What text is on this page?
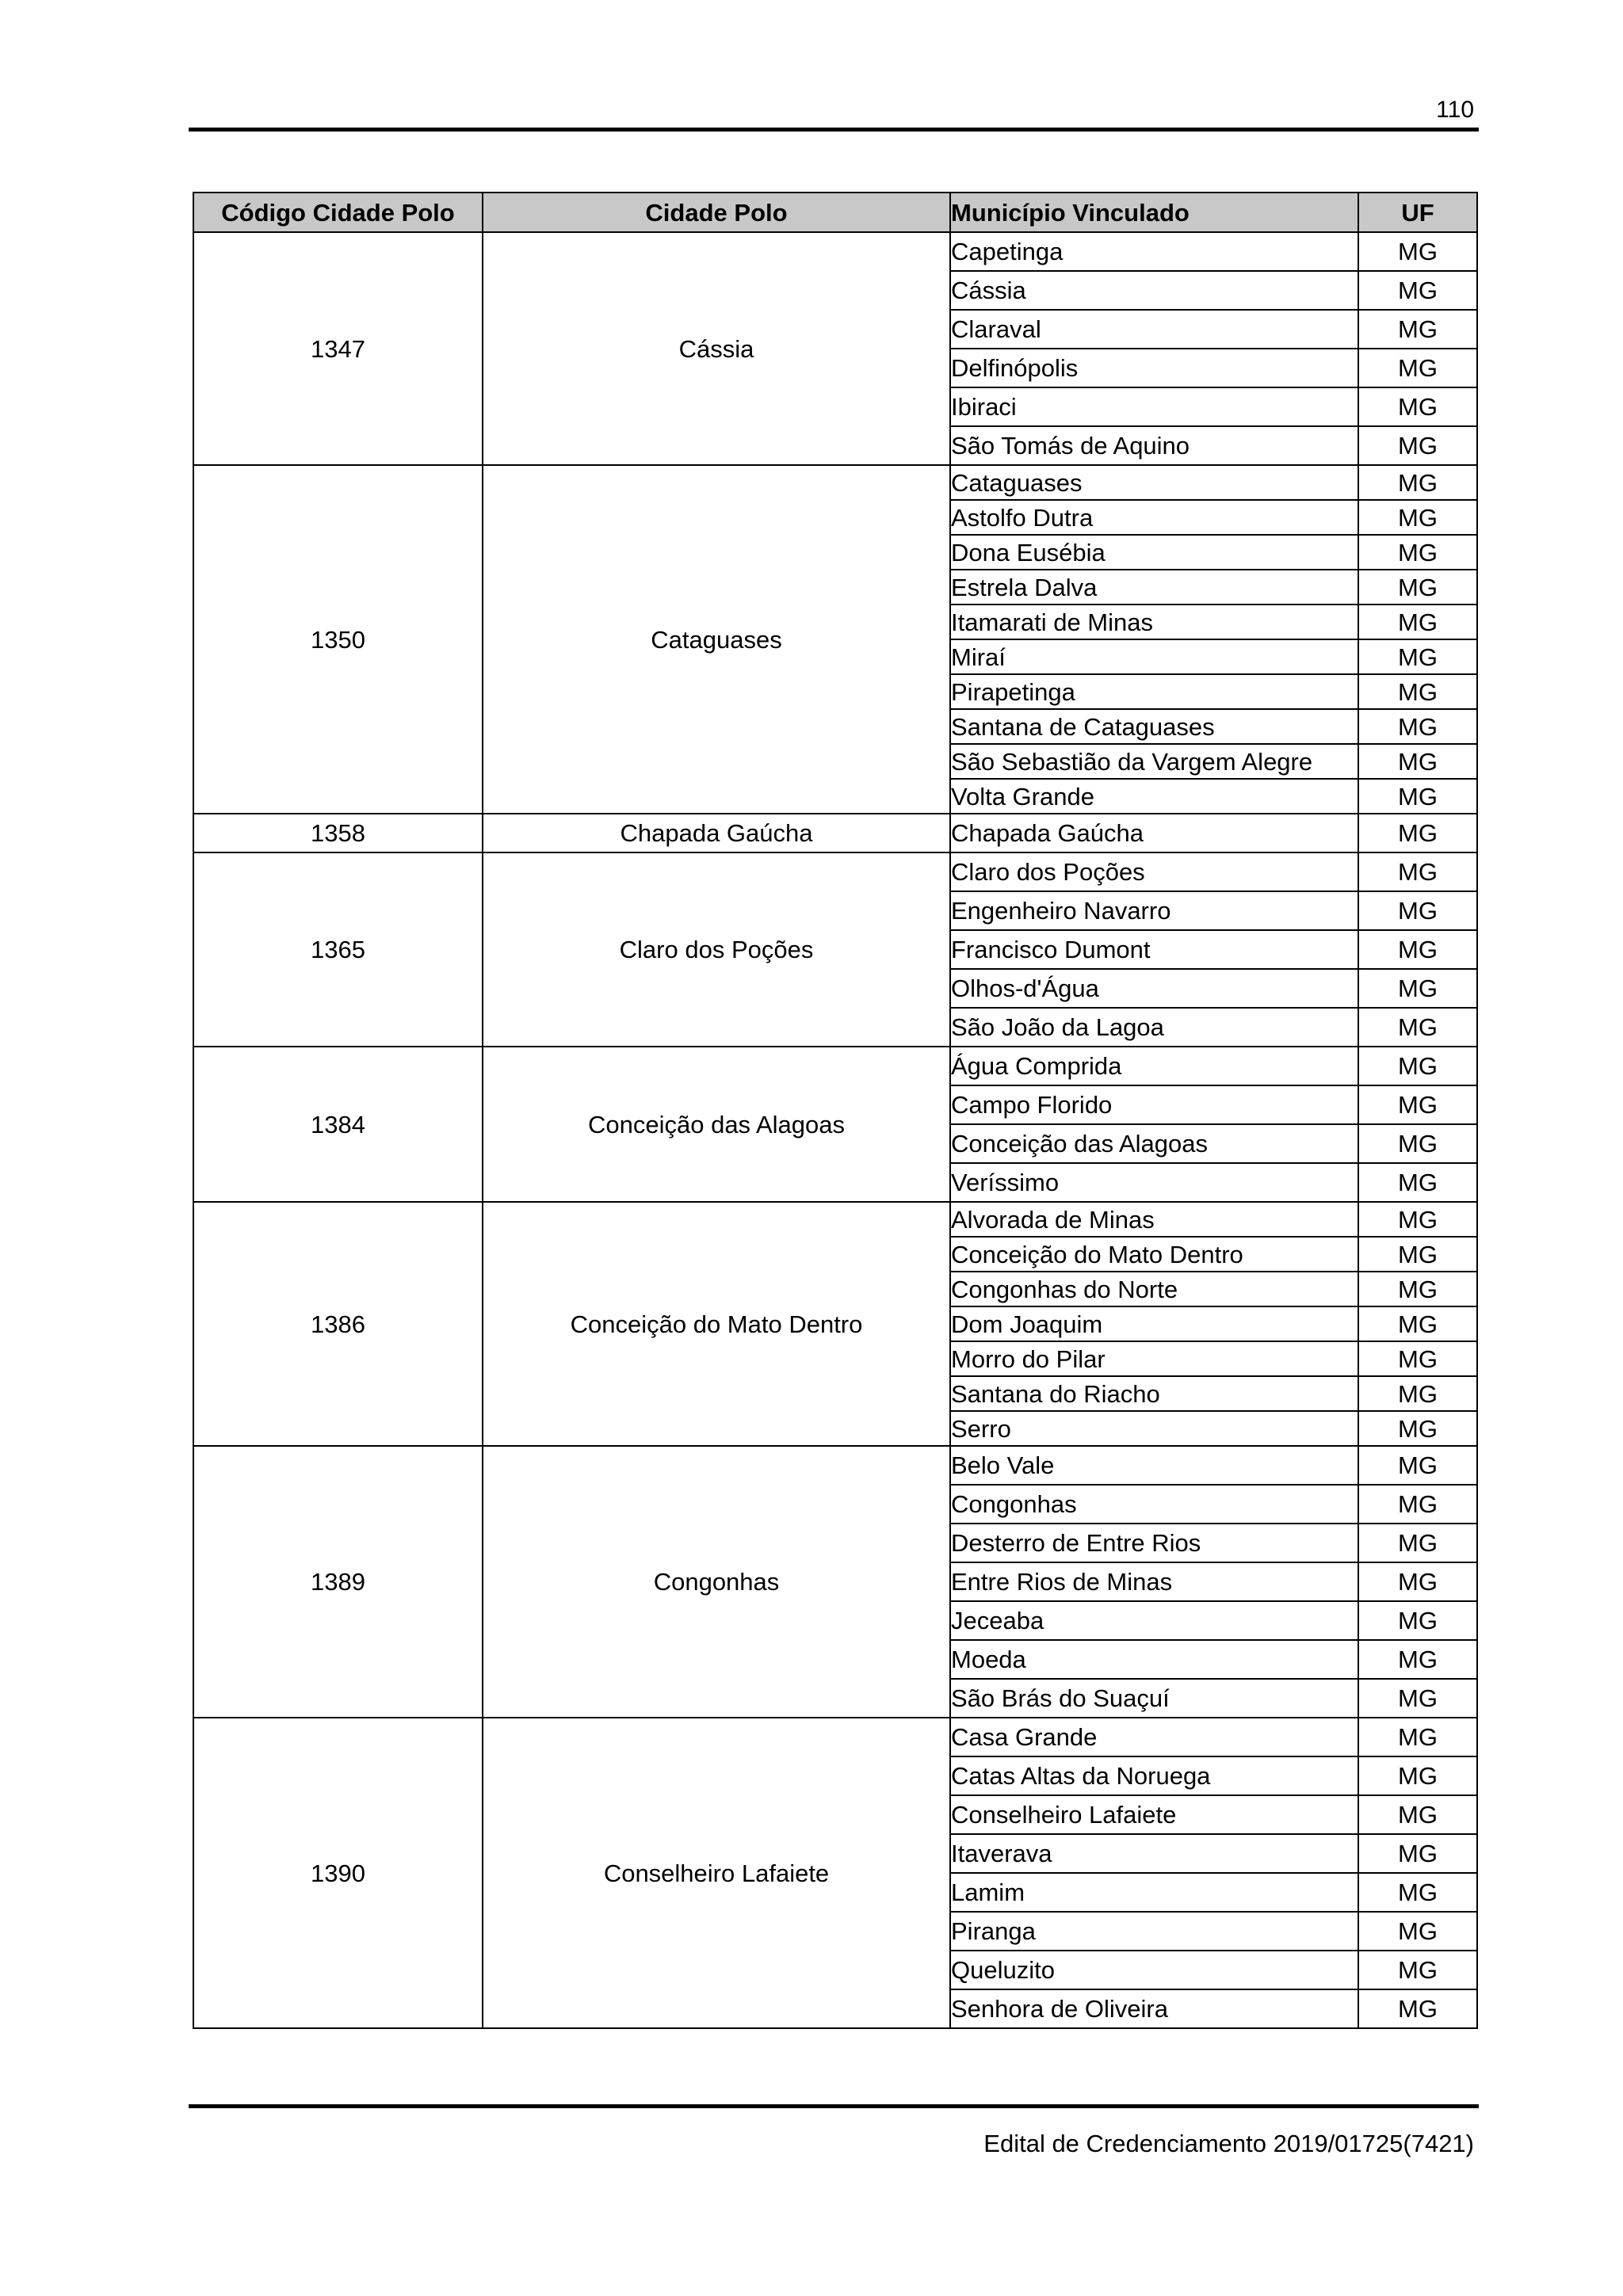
110
Código Cidade Polo	Cidade Polo	Município Vinculado	UF
1347	Cássia	Capetinga	MG
		Cássia	MG
		Claraval	MG
		Delfinópolis	MG
		Ibiraci	MG
		São Tomás de Aquino	MG
1350	Cataguases	Cataguases	MG
		Astolfo Dutra	MG
		Dona Eusébia	MG
		Estrela Dalva	MG
		Itamarati de Minas	MG
		Miraí	MG
		Pirapetinga	MG
		Santana de Cataguases	MG
		São Sebastião da Vargem Alegre	MG
		Volta Grande	MG
1358	Chapada Gaúcha	Chapada Gaúcha	MG
1365	Claro dos Poções	Claro dos Poções	MG
		Engenheiro Navarro	MG
		Francisco Dumont	MG
		Olhos-d'Água	MG
		São João da Lagoa	MG
1384	Conceição das Alagoas	Água Comprida	MG
		Campo Florido	MG
		Conceição das Alagoas	MG
		Veríssimo	MG
1386	Conceição do Mato Dentro	Alvorada de Minas	MG
		Conceição do Mato Dentro	MG
		Congonhas do Norte	MG
		Dom Joaquim	MG
		Morro do Pilar	MG
		Santana do Riacho	MG
		Serro	MG
1389	Congonhas	Belo Vale	MG
		Congonhas	MG
		Desterro de Entre Rios	MG
		Entre Rios de Minas	MG
		Jeceaba	MG
		Moeda	MG
		São Brás do Suaçuí	MG
1390	Conselheiro Lafaiete	Casa Grande	MG
		Catas Altas da Noruega	MG
		Conselheiro Lafaiete	MG
		Itaverava	MG
		Lamim	MG
		Piranga	MG
		Queluzito	MG
		Senhora de Oliveira	MG
Edital de Credenciamento 2019/01725(7421)
